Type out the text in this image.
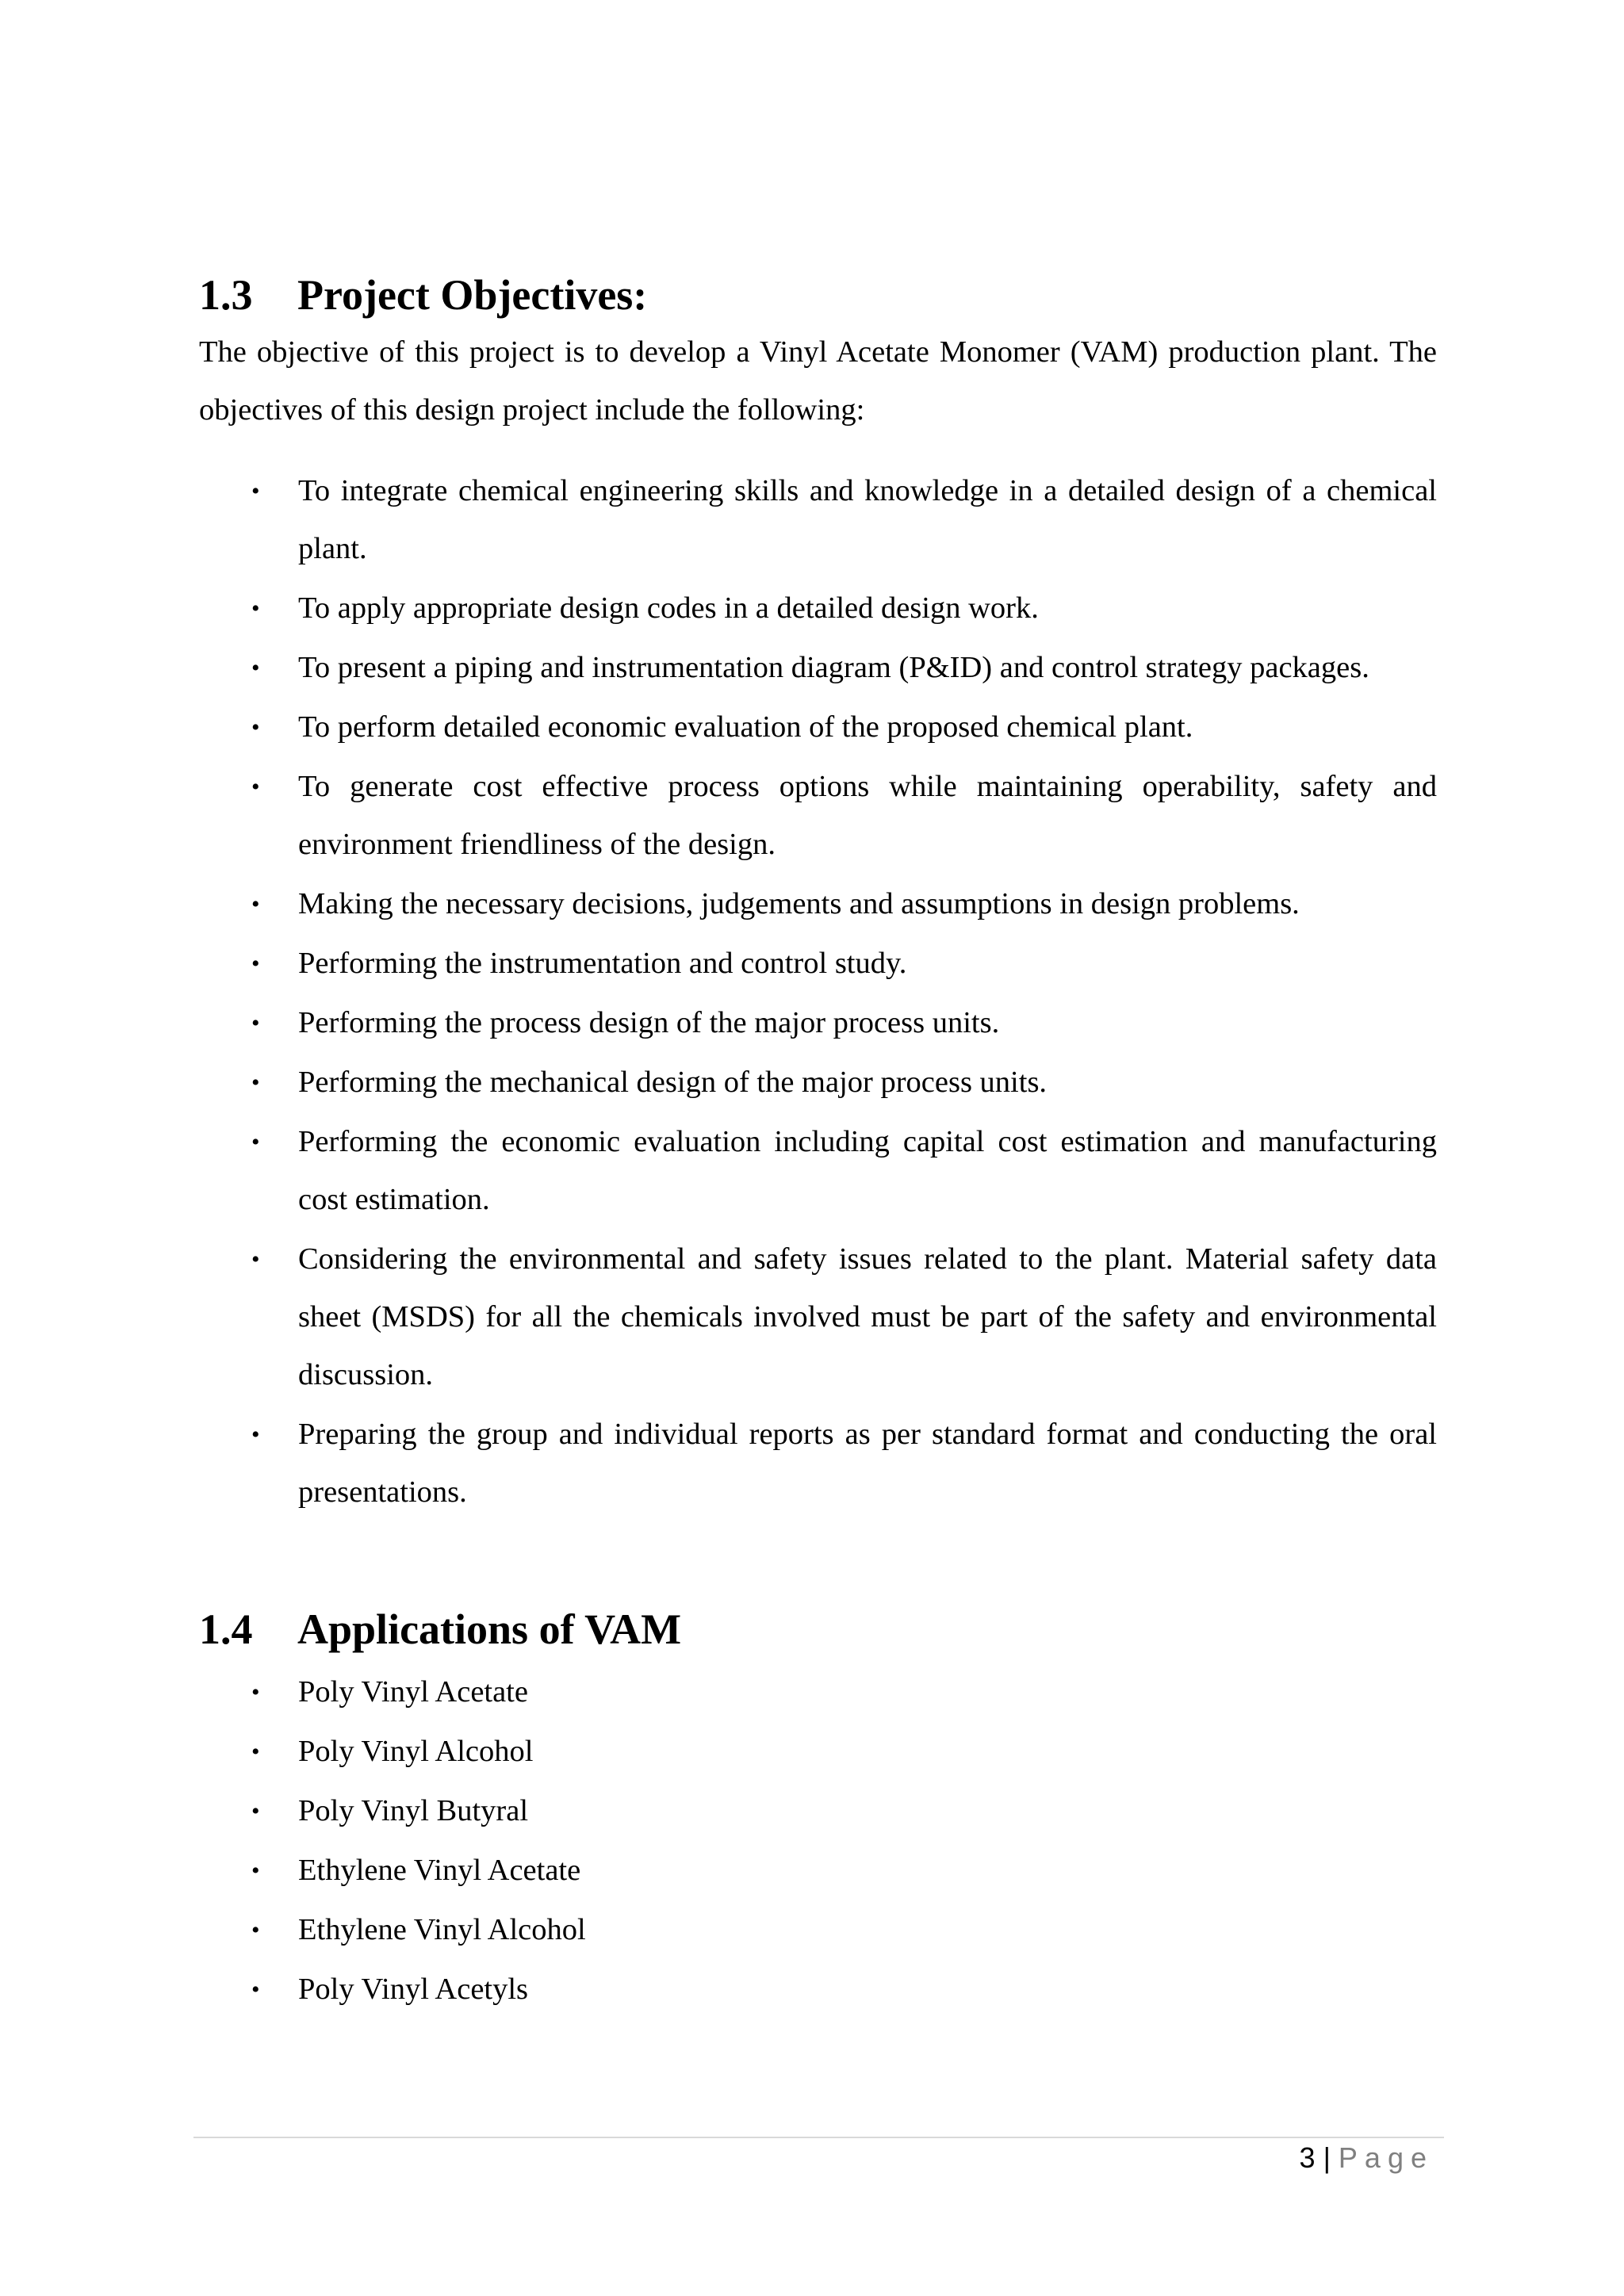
1.3	Project Objectives:

The objective of this project is to develop a Vinyl Acetate Monomer (VAM) production plant. The objectives of this design project include the following:

• To integrate chemical engineering skills and knowledge in a detailed design of a chemical plant.
• To apply appropriate design codes in a detailed design work.
• To present a piping and instrumentation diagram (P&ID) and control strategy packages.
• To perform detailed economic evaluation of the proposed chemical plant.
• To generate cost effective process options while maintaining operability, safety and environment friendliness of the design.
• Making the necessary decisions, judgements and assumptions in design problems.
• Performing the instrumentation and control study.
• Performing the process design of the major process units.
• Performing the mechanical design of the major process units.
• Performing the economic evaluation including capital cost estimation and manufacturing cost estimation.
• Considering the environmental and safety issues related to the plant. Material safety data sheet (MSDS) for all the chemicals involved must be part of the safety and environmental discussion.
• Preparing the group and individual reports as per standard format and conducting the oral presentations.
1.4	Applications of VAM
• Poly Vinyl Acetate
• Poly Vinyl Alcohol
• Poly Vinyl Butyral
• Ethylene Vinyl Acetate
• Ethylene Vinyl Alcohol
• Poly Vinyl Acetyls
3 | Page
